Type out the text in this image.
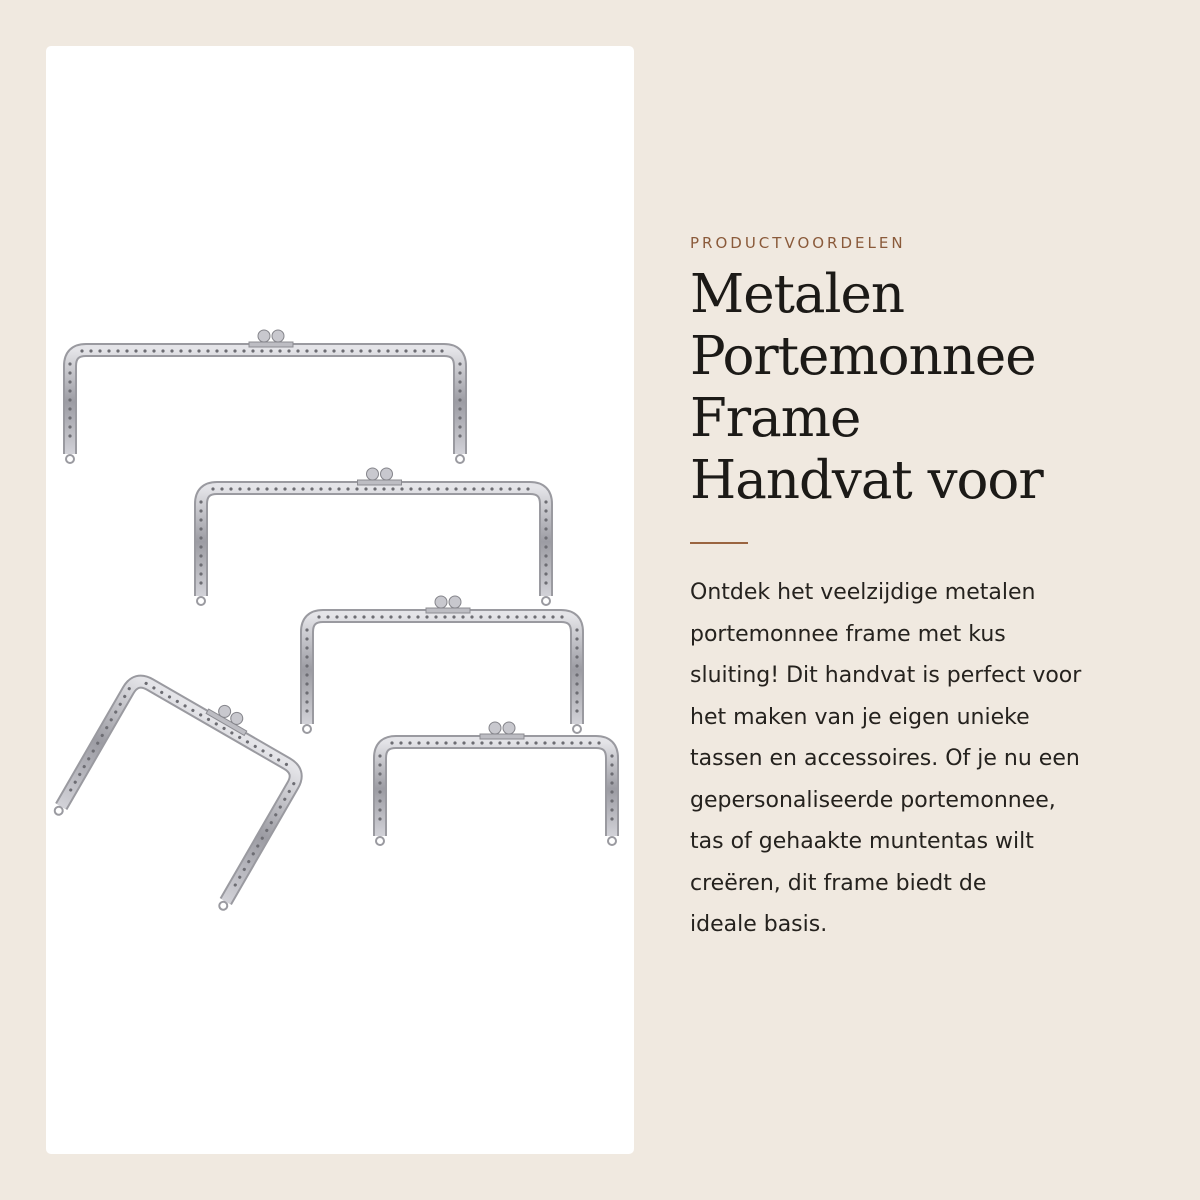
PRODUCTVOORDELEN

Metalen
Portemonnee
Frame
Handvat voor

Ontdek het veelzijdige metalen
portemonnee frame met kus
sluiting! Dit handvat is perfect voor
het maken van je eigen unieke
tassen en accessoires. Of je nu een
gepersonaliseerde portemonnee,
tas of gehaakte muntentas wilt
creëren, dit frame biedt de
ideale basis.
